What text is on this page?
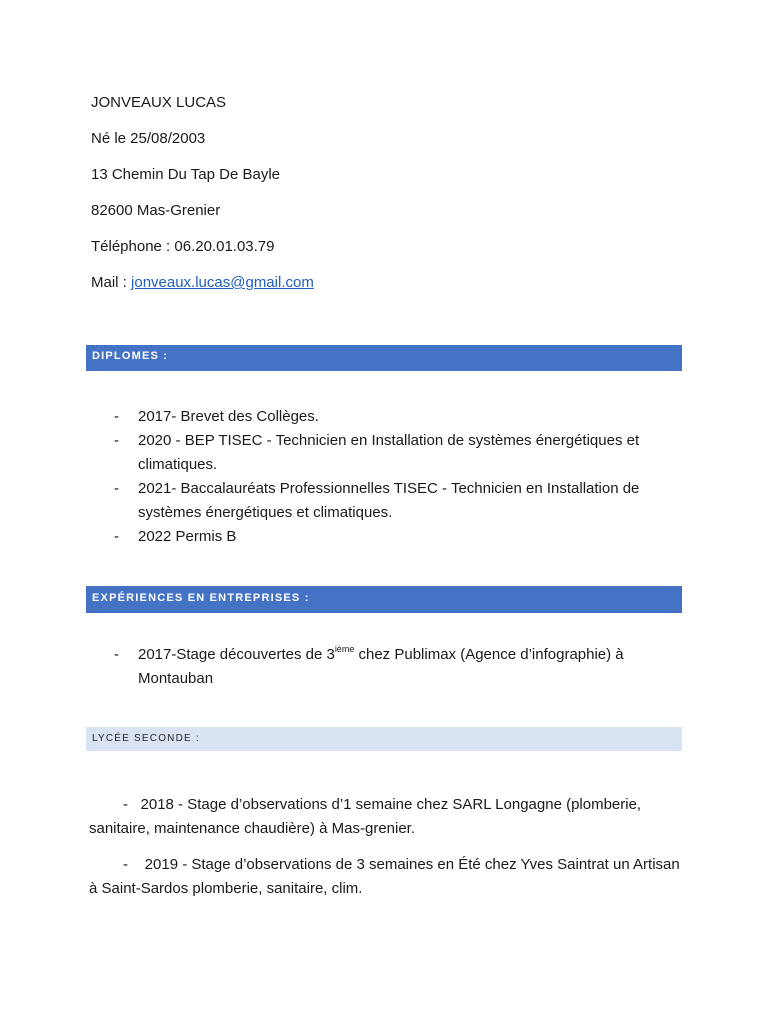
JONVEAUX LUCAS
Né le 25/08/2003
13 Chemin Du Tap De Bayle
82600 Mas-Grenier
Téléphone : 06.20.01.03.79
Mail : jonveaux.lucas@gmail.com
DIPLOMES :
- 2017- Brevet des Collèges.
- 2020 - BEP TISEC - Technicien en Installation de systèmes énergétiques et climatiques.
- 2021- Baccalauréats Professionnelles TISEC - Technicien en Installation de systèmes énergétiques et climatiques.
- 2022 Permis B
EXPÉRIENCES EN ENTREPRISES :
- 2017-Stage découvertes de 3ième chez Publimax (Agence d’infographie) à Montauban
LYCÉE SECONDE :
- 2018 - Stage d’observations d’1 semaine chez SARL Longagne (plomberie, sanitaire, maintenance chaudière) à Mas-grenier.
- 2019 - Stage d’observations de 3 semaines en Été chez Yves Saintrat un Artisan à Saint-Sardos plomberie, sanitaire, clim.
